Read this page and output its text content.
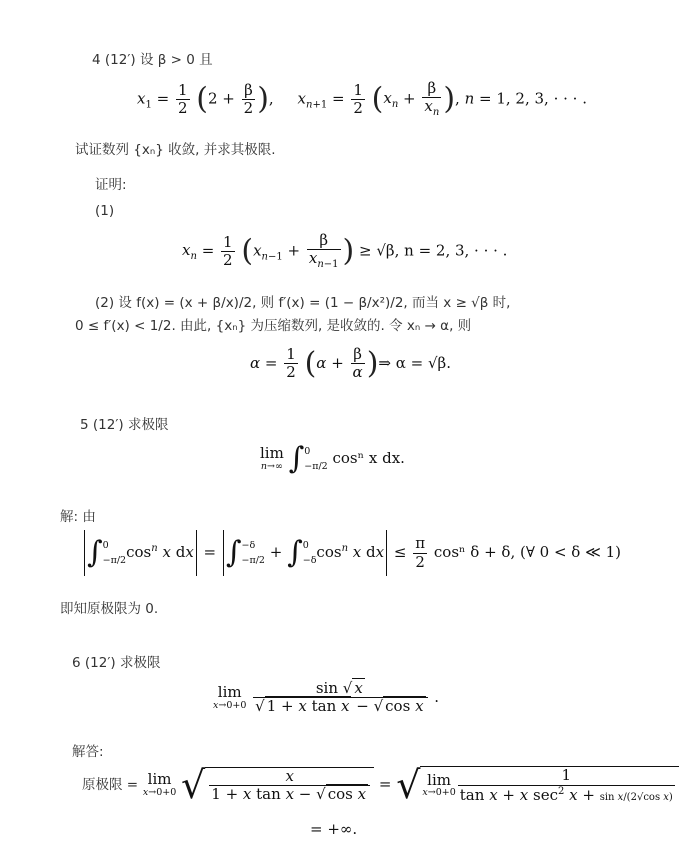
4 (12′) 设 β > 0 且
$x_1 = \frac{1}{2} (2 + \frac{\beta}{2}$ ),     $x_{n+1} = \frac{1}{2} (x_n + \frac{\beta}{x_n}$ ), n = 1, 2, 3, · · · .
试证数列 {xₙ} 收敛, 并求其极限.
证明:
(1)
$x_n = \frac{1}{2} (x_{n-1} + \frac{\beta}{x_{n-1}}$ ) ≥ √β, n = 2, 3, · · · .
(2) 设 f(x) = (x + β/x)/2, 则 f′(x) = (1 − β/x²)/2, 而当 x ≥ √β 时,
0 ≤ f′(x) < 1/2. 由此, {xₙ} 为压缩数列, 是收敛的. 令 xₙ → α, 则
$\alpha = \frac{1}{2} (\alpha + \frac{\beta}{\alpha}$ )⇒ α = √β.
5 (12′) 求极限
lim
n→∞ ∫ 0
−π/2 cosⁿ x dx.
解: 由
∫ 0
−π/2 $\cos^n x$ dx = ∫ −δ
−π/2 + ∫ 0
−δ $\cos^n x$ dx ≤ $\frac{\pi}{2}$ cosⁿ δ + δ, (∀ 0 < δ ≪ 1)
即知原极限为 0.
6 (12′) 求极限
lim
x→0+0
$\frac{\sin √ x}{\text{√ 1 + x tan x − √ cos x}}$ .
解答:
原极限 = lim
x→0+0 √ $\frac{x}{\text{1 + x tan x − √ cos x}}$ = √ lim
$x\to 0+0 \frac{1}{\tan x + x \sec^2 x + \sin x/(2√\cos x)}$
= +∞.
